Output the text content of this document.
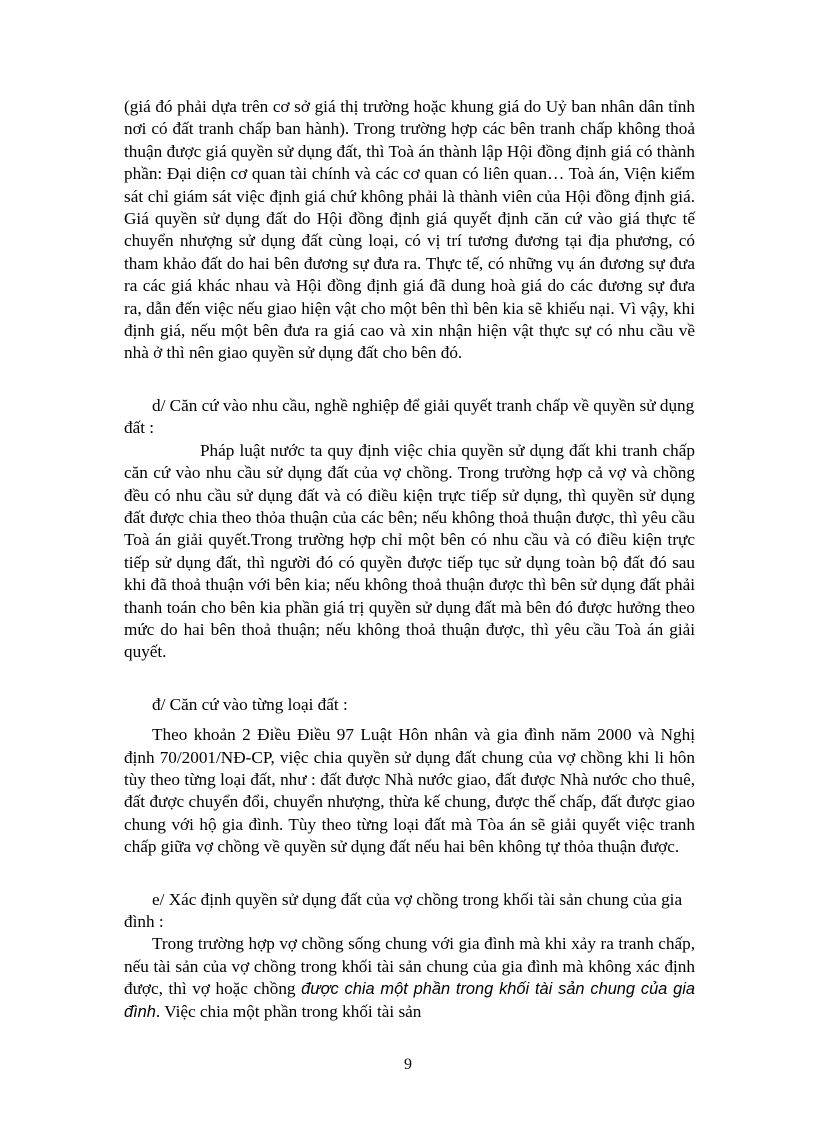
(giá đó phải dựa trên cơ sở giá thị trường hoặc khung giá do Uỷ ban nhân dân tỉnh nơi có đất tranh chấp ban hành). Trong trường hợp các bên tranh chấp không thoả thuận được giá quyền sử dụng đất, thì Toà án thành lập Hội đồng định giá có thành phần: Đại diện cơ quan tài chính và các cơ quan có liên quan… Toà án, Viện kiểm sát chỉ giám sát việc định giá chứ không phải là thành viên của Hội đồng định giá. Giá quyền sử dụng đất do Hội đồng định giá quyết định căn cứ vào giá thực tế chuyển nhượng sử dụng đất cùng loại, có vị trí tương đương tại địa phương, có tham khảo đất do hai bên đương sự đưa ra. Thực tế, có những vụ án đương sự đưa ra các giá khác nhau và Hội đồng định giá đã dung hoà giá do các đương sự đưa ra, dẫn đến việc nếu giao hiện vật cho một bên thì bên kia sẽ khiếu nại. Vì vậy, khi định giá, nếu một bên đưa ra giá cao và xin nhận hiện vật thực sự có nhu cầu về nhà ở thì nên giao quyền sử dụng đất cho bên đó.

d/ Căn cứ vào nhu cầu, nghề nghiệp để giải quyết tranh chấp về quyền sử dụng đất :

Pháp luật nước ta quy định việc chia quyền sử dụng đất khi tranh chấp căn cứ vào nhu cầu sử dụng đất của vợ chồng. Trong trường hợp cả vợ và chồng đều có nhu cầu sử dụng đất và có điều kiện trực tiếp sử dụng, thì quyền sử dụng đất được chia theo thỏa thuận của các bên; nếu không thoả thuận được, thì yêu cầu Toà án giải quyết.Trong trường hợp chỉ một bên có nhu cầu và có điều kiện trực tiếp sử dụng đất, thì người đó có quyền được tiếp tục sử dụng toàn bộ đất đó sau khi đã thoả thuận với bên kia; nếu không thoả thuận được thì bên sử dụng đất phải thanh toán cho bên kia phần giá trị quyền sử dụng đất mà bên đó được hưởng theo mức do hai bên thoả thuận; nếu không thoả thuận được, thì yêu cầu Toà án giải quyết.

đ/ Căn cứ vào từng loại đất :

Theo khoản 2 Điều Điều 97 Luật Hôn nhân và gia đình năm 2000 và Nghị định 70/2001/NĐ-CP, việc chia quyền sử dụng đất chung của vợ chồng khi li hôn tùy theo từng loại đất, như : đất được Nhà nước giao, đất được Nhà nước cho thuê, đất được chuyển đổi, chuyển nhượng, thừa kế chung, được thế chấp, đất được giao chung với hộ gia đình. Tùy theo từng loại đất mà Tòa án sẽ giải quyết việc tranh chấp giữa vợ chồng về quyền sử dụng đất nếu hai bên không tự thỏa thuận được.

e/ Xác định quyền sử dụng đất của vợ chồng trong khối tài sản chung của gia đình :

Trong trường hợp vợ chồng sống chung với gia đình mà khi xảy ra tranh chấp, nếu tài sản của vợ chồng trong khối tài sản chung của gia đình mà không xác định được, thì vợ hoặc chồng được chia một phần trong khối tài sản chung của gia đình. Việc chia một phần trong khối tài sản

9
